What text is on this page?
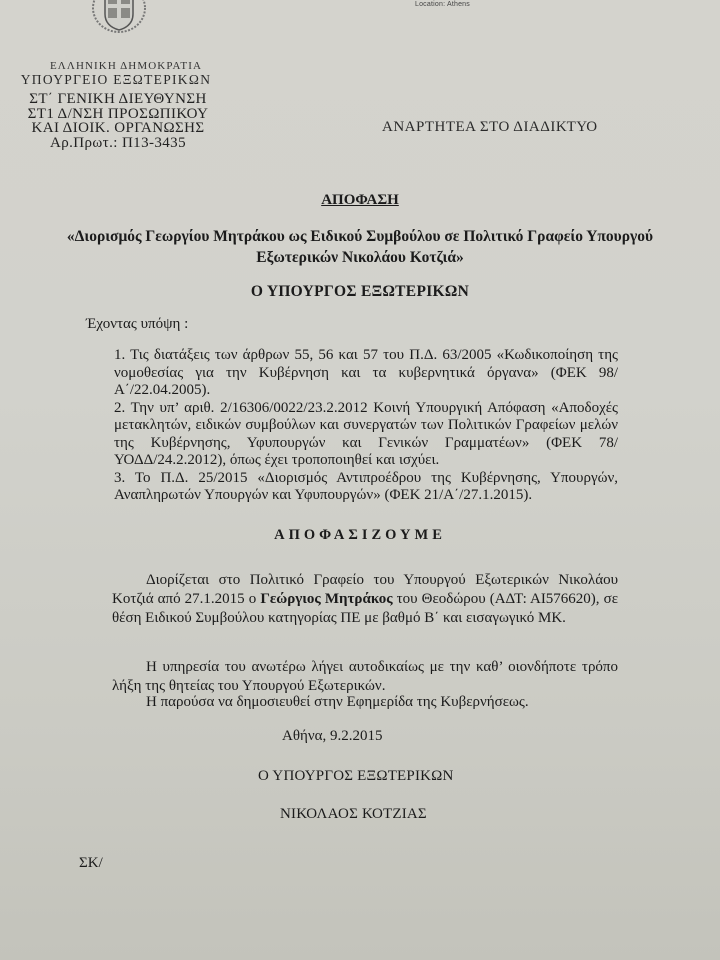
Location: Athens
ΕΛΛΗΝΙΚΗ ΔΗΜΟΚΡΑΤΙΑ
ΥΠΟΥΡΓΕΙΟ ΕΞΩΤΕΡΙΚΩΝ
ΣΤ΄ ΓΕΝΙΚΗ ΔΙΕΥΘΥΝΣΗ
ΣΤ1 Δ/ΝΣΗ ΠΡΟΣΩΠΙΚΟΥ
ΚΑΙ ΔΙΟΙΚ. ΟΡΓΑΝΩΣΗΣ
Αρ.Πρωτ.: Π13-3435
ΑΝΑΡΤΗΤΕΑ ΣΤΟ ΔΙΑΔΙΚΤΥΟ
ΑΠΟΦΑΣΗ
«Διορισμός Γεωργίου Μητράκου ως Ειδικού Συμβούλου σε Πολιτικό Γραφείο Υπουργού Εξωτερικών Νικολάου Κοτζιά»
Ο ΥΠΟΥΡΓΟΣ ΕΞΩΤΕΡΙΚΩΝ
Έχοντας υπόψη :

1. Τις διατάξεις των άρθρων 55, 56 και 57 του Π.Δ. 63/2005 «Κωδικοποίηση της νομοθεσίας για την Κυβέρνηση και τα κυβερνητικά όργανα» (ΦΕΚ 98/Α΄/22.04.2005).

2. Την υπ’ αριθ. 2/16306/0022/23.2.2012 Κοινή Υπουργική Απόφαση «Αποδοχές μετακλητών, ειδικών συμβούλων και συνεργατών των Πολιτικών Γραφείων μελών της Κυβέρνησης, Υφυπουργών και Γενικών Γραμματέων» (ΦΕΚ 78/ΥΟΔΔ/24.2.2012), όπως έχει τροποποιηθεί και ισχύει.

3. Το Π.Δ. 25/2015 «Διορισμός Αντιπροέδρου της Κυβέρνησης, Υπουργών, Αναπληρωτών Υπουργών και Υφυπουργών» (ΦΕΚ 21/Α΄/27.1.2015).

ΑΠΟΦΑΣΙΖΟΥΜΕ
Διορίζεται στο Πολιτικό Γραφείο του Υπουργού Εξωτερικών Νικολάου Κοτζιά από 27.1.2015 ο Γεώργιος Μητράκος του Θεοδώρου (ΑΔΤ: ΑΙ576620), σε θέση Ειδικού Συμβούλου κατηγορίας ΠΕ με βαθμό Β΄ και εισαγωγικό ΜΚ.
Η υπηρεσία του ανωτέρω λήγει αυτοδικαίως με την καθ’ οιονδήποτε τρόπο λήξη της θητείας του Υπουργού Εξωτερικών.
Η παρούσα να δημοσιευθεί στην Εφημερίδα της Κυβερνήσεως.
Αθήνα, 9.2.2015
Ο ΥΠΟΥΡΓΟΣ ΕΞΩΤΕΡΙΚΩΝ
ΝΙΚΟΛΑΟΣ ΚΟΤΖΙΑΣ
ΣΚ/
